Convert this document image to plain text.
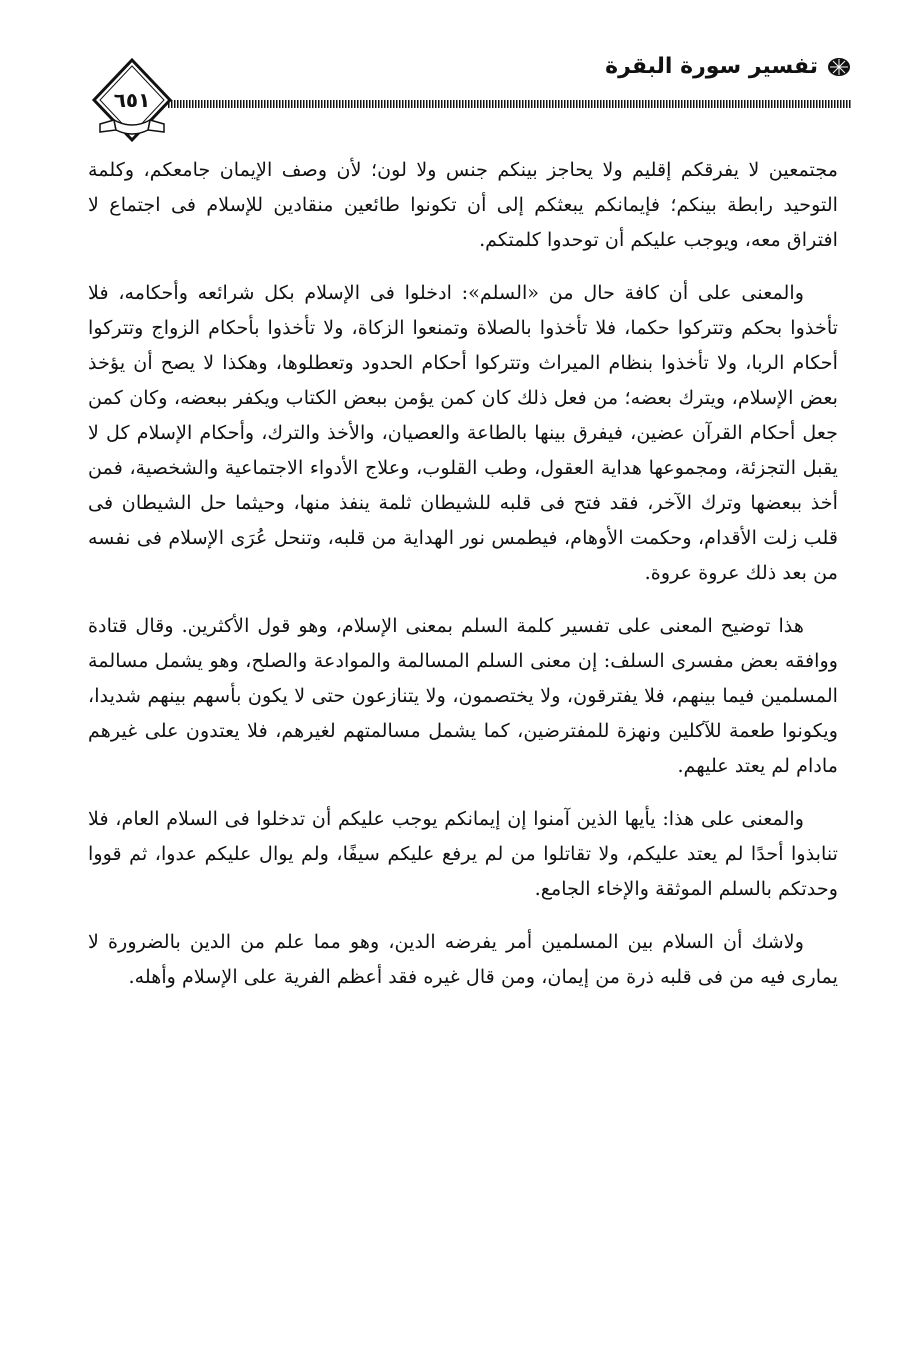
تفسير سورة البقرة
٦٥١

مجتمعين لا يفرقكم إقليم ولا يحاجز بينكم جنس ولا لون؛ لأن وصف الإيمان جامعكم، وكلمة التوحيد رابطة بينكم؛ فإيمانكم يبعثكم إلى أن تكونوا طائعين منقادين للإسلام فى اجتماع لا افتراق معه، ويوجب عليكم أن توحدوا كلمتكم.

والمعنى على أن كافة حال من «السلم»: ادخلوا فى الإسلام بكل شرائعه وأحكامه، فلا تأخذوا بحكم وتتركوا حكما، فلا تأخذوا بالصلاة وتمنعوا الزكاة، ولا تأخذوا بأحكام الزواج وتتركوا أحكام الربا، ولا تأخذوا بنظام الميراث وتتركوا أحكام الحدود وتعطلوها، وهكذا لا يصح أن يؤخذ بعض الإسلام، ويترك بعضه؛ من فعل ذلك كان كمن يؤمن ببعض الكتاب ويكفر ببعضه، وكان كمن جعل أحكام القرآن عضين، فيفرق بينها بالطاعة والعصيان، والأخذ والترك، وأحكام الإسلام كل لا يقبل التجزئة، ومجموعها هداية العقول، وطب القلوب، وعلاج الأدواء الاجتماعية والشخصية، فمن أخذ ببعضها وترك الآخر، فقد فتح فى قلبه للشيطان ثلمة ينفذ منها، وحيثما حل الشيطان فى قلب زلت الأقدام، وحكمت الأوهام، فيطمس نور الهداية من قلبه، وتنحل عُرَى الإسلام فى نفسه من بعد ذلك عروة عروة.

هذا توضيح المعنى على تفسير كلمة السلم بمعنى الإسلام، وهو قول الأكثرين. وقال قتادة ووافقه بعض مفسرى السلف: إن معنى السلم المسالمة والموادعة والصلح، وهو يشمل مسالمة المسلمين فيما بينهم، فلا يفترقون، ولا يختصمون، ولا يتنازعون حتى لا يكون بأسهم بينهم شديدا، ويكونوا طعمة للآكلين ونهزة للمفترضين، كما يشمل مسالمتهم لغيرهم، فلا يعتدون على غيرهم مادام لم يعتد عليهم.

والمعنى على هذا: يأيها الذين آمنوا إن إيمانكم يوجب عليكم أن تدخلوا فى السلام العام، فلا تنابذوا أحدًا لم يعتد عليكم، ولا تقاتلوا من لم يرفع عليكم سيفًا، ولم يوال عليكم عدوا، ثم قووا وحدتكم بالسلم الموثقة والإخاء الجامع.

ولاشك أن السلام بين المسلمين أمر يفرضه الدين، وهو مما علم من الدين بالضرورة لا يمارى فيه من فى قلبه ذرة من إيمان، ومن قال غيره فقد أعظم الفرية على الإسلام وأهله.
